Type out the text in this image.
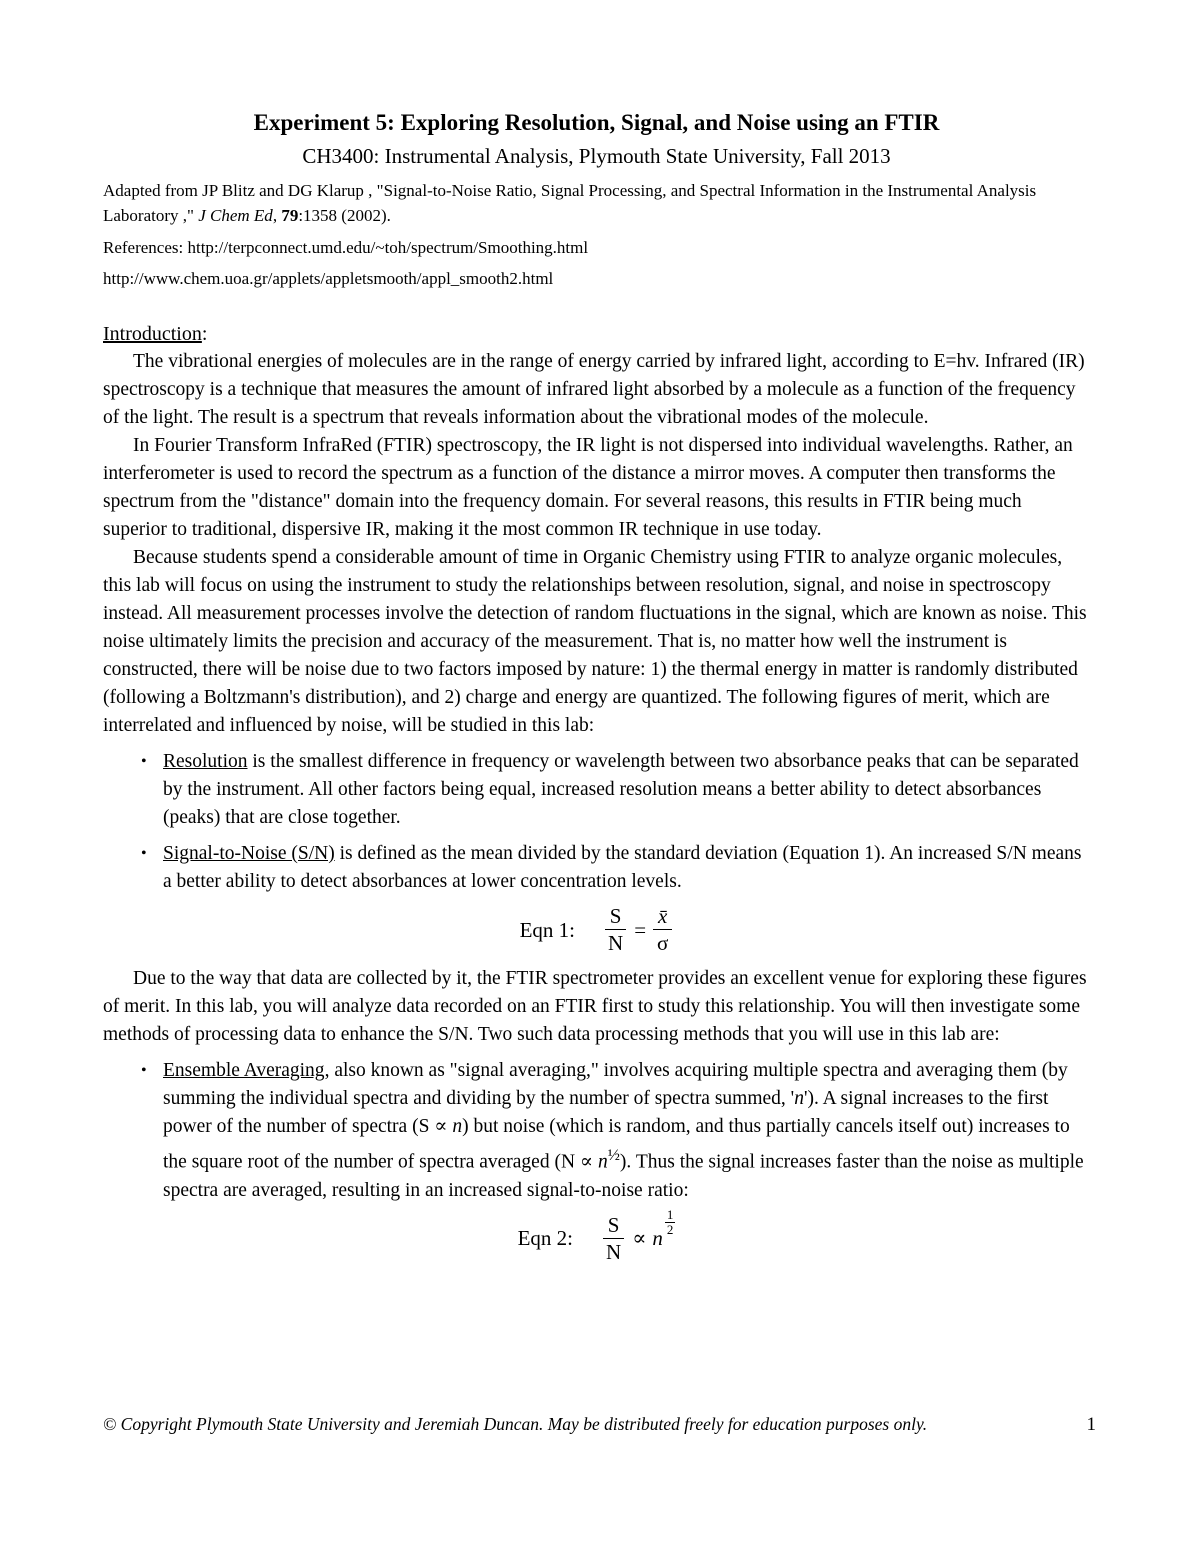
Experiment 5: Exploring Resolution, Signal, and Noise using an FTIR
CH3400: Instrumental Analysis, Plymouth State University, Fall 2013

Adapted from JP Blitz and DG Klarup , "Signal-to-Noise Ratio, Signal Processing, and Spectral Information in the Instrumental Analysis Laboratory ," J Chem Ed, 79:1358 (2002).

References: http://terpconnect.umd.edu/~toh/spectrum/Smoothing.html

http://www.chem.uoa.gr/applets/appletsmooth/appl_smooth2.html

Introduction:

The vibrational energies of molecules are in the range of energy carried by infrared light, according to E=hv. Infrared (IR) spectroscopy is a technique that measures the amount of infrared light absorbed by a molecule as a function of the frequency of the light. The result is a spectrum that reveals information about the vibrational modes of the molecule.

In Fourier Transform InfraRed (FTIR) spectroscopy, the IR light is not dispersed into individual wavelengths. Rather, an interferometer is used to record the spectrum as a function of the distance a mirror moves. A computer then transforms the spectrum from the "distance" domain into the frequency domain. For several reasons, this results in FTIR being much superior to traditional, dispersive IR, making it the most common IR technique in use today.

Because students spend a considerable amount of time in Organic Chemistry using FTIR to analyze organic molecules, this lab will focus on using the instrument to study the relationships between resolution, signal, and noise in spectroscopy instead. All measurement processes involve the detection of random fluctuations in the signal, which are known as noise. This noise ultimately limits the precision and accuracy of the measurement. That is, no matter how well the instrument is constructed, there will be noise due to two factors imposed by nature: 1) the thermal energy in matter is randomly distributed (following a Boltzmann's distribution), and 2) charge and energy are quantized. The following figures of merit, which are interrelated and influenced by noise, will be studied in this lab:

• Resolution is the smallest difference in frequency or wavelength between two absorbance peaks that can be separated by the instrument. All other factors being equal, increased resolution means a better ability to detect absorbances (peaks) that are close together.
• Signal-to-Noise (S/N) is defined as the mean divided by the standard deviation (Equation 1). An increased S/N means a better ability to detect absorbances at lower concentration levels.
Eqn 1: $\frac{S}{N} = \frac{x̄}{\sigma}$

Due to the way that data are collected by it, the FTIR spectrometer provides an excellent venue for exploring these figures of merit. In this lab, you will analyze data recorded on an FTIR first to study this relationship. You will then investigate some methods of processing data to enhance the S/N. Two such data processing methods that you will use in this lab are:

• Ensemble Averaging, also known as "signal averaging," involves acquiring multiple spectra and averaging them (by summing the individual spectra and dividing by the number of spectra summed, 'n'). A signal increases to the first power of the number of spectra (S ∝ n) but noise (which is random, and thus partially cancels itself out) increases to the square root of the number of spectra averaged $(N \propto n^{\frac{1}{2}})$. Thus the signal increases faster than the noise as multiple spectra are averaged, resulting in an increased signal-to-noise ratio:
Eqn 2: $\frac{S}{N} \propto n$
$\frac{1}{2}$
© Copyright Plymouth State University and Jeremiah Duncan. May be distributed freely for education purposes only.	1
